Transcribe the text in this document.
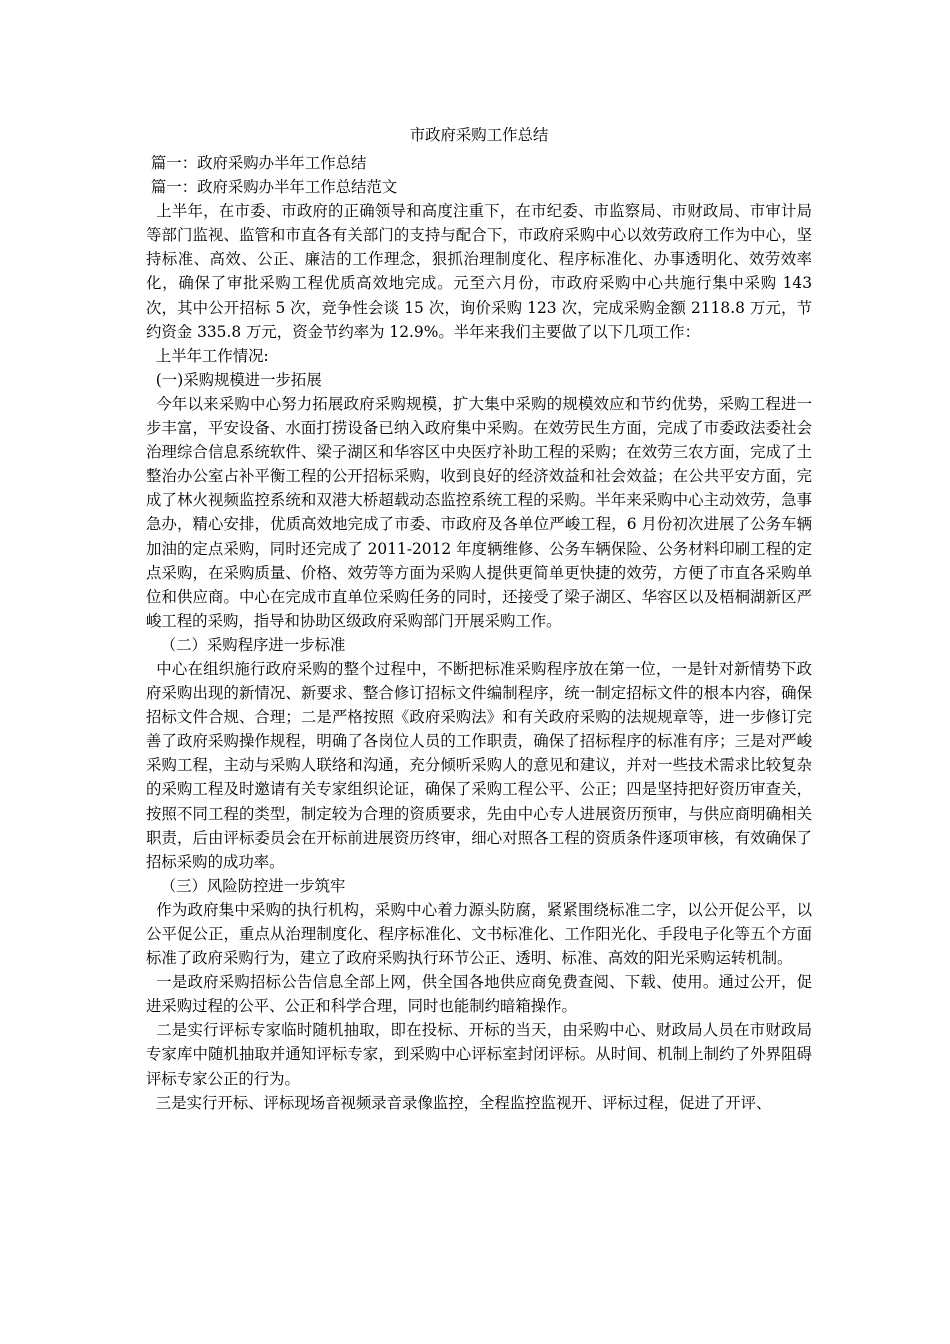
市政府采购工作总结

篇一：政府采购办半年工作总结

篇一：政府采购办半年工作总结范文

上半年，在市委、市政府的正确领导和高度注重下，在市纪委、市监察局、市财政局、市审计局等部门监视、监管和市直各有关部门的支持与配合下，市政府采购中心以效劳政府工作为中心，坚持标准、高效、公正、廉洁的工作理念，狠抓治理制度化、程序标准化、办事透明化、效劳效率化，确保了审批采购工程优质高效地完成。元至六月份，市政府采购中心共施行集中采购 143 次，其中公开招标 5 次，竞争性会谈 15 次，询价采购 123 次，完成采购金额 2118.8 万元，节约资金 335.8 万元，资金节约率为 12.9%。半年来我们主要做了以下几项工作：

上半年工作情况:

(一)采购规模进一步拓展

今年以来采购中心努力拓展政府采购规模，扩大集中采购的规模效应和节约优势，采购工程进一步丰富，平安设备、水面打捞设备已纳入政府集中采购。在效劳民生方面，完成了市委政法委社会治理综合信息系统软件、梁子湖区和华容区中央医疗补助工程的采购；在效劳三农方面，完成了土整治办公室占补平衡工程的公开招标采购，收到良好的经济效益和社会效益；在公共平安方面，完成了林火视频监控系统和双港大桥超载动态监控系统工程的采购。半年来采购中心主动效劳，急事急办，精心安排，优质高效地完成了市委、市政府及各单位严峻工程，6 月份初次进展了公务车辆加油的定点采购，同时还完成了 2011-2012 年度辆维修、公务车辆保险、公务材料印刷工程的定点采购，在采购质量、价格、效劳等方面为采购人提供更简单更快捷的效劳，方便了市直各采购单位和供应商。中心在完成市直单位采购任务的同时，还接受了梁子湖区、华容区以及梧桐湖新区严峻工程的采购，指导和协助区级政府采购部门开展采购工作。

（二）采购程序进一步标准

中心在组织施行政府采购的整个过程中，不断把标准采购程序放在第一位，一是针对新情势下政府采购出现的新情况、新要求、整合修订招标文件编制程序，统一制定招标文件的根本内容，确保招标文件合规、合理；二是严格按照《政府采购法》和有关政府采购的法规规章等，进一步修订完善了政府采购操作规程，明确了各岗位人员的工作职责，确保了招标程序的标准有序；三是对严峻采购工程，主动与采购人联络和沟通，充分倾听采购人的意见和建议，并对一些技术需求比较复杂的采购工程及时邀请有关专家组织论证，确保了采购工程公平、公正；四是坚持把好资历审查关，按照不同工程的类型，制定较为合理的资质要求，先由中心专人进展资历预审，与供应商明确相关职责，后由评标委员会在开标前进展资历终审，细心对照各工程的资质条件逐项审核，有效确保了招标采购的成功率。

（三）风险防控进一步筑牢

作为政府集中采购的执行机构，采购中心着力源头防腐，紧紧围绕标准二字，以公开促公平，以公平促公正，重点从治理制度化、程序标准化、文书标准化、工作阳光化、手段电子化等五个方面标准了政府采购行为，建立了政府采购执行环节公正、透明、标准、高效的阳光采购运转机制。

一是政府采购招标公告信息全部上网，供全国各地供应商免费查阅、下载、使用。通过公开，促进采购过程的公平、公正和科学合理，同时也能制约暗箱操作。

二是实行评标专家临时随机抽取，即在投标、开标的当天，由采购中心、财政局人员在市财政局专家库中随机抽取并通知评标专家，到采购中心评标室封闭评标。从时间、机制上制约了外界阻碍评标专家公正的行为。

三是实行开标、评标现场音视频录音录像监控，全程监控监视开、评标过程，促进了开评、
